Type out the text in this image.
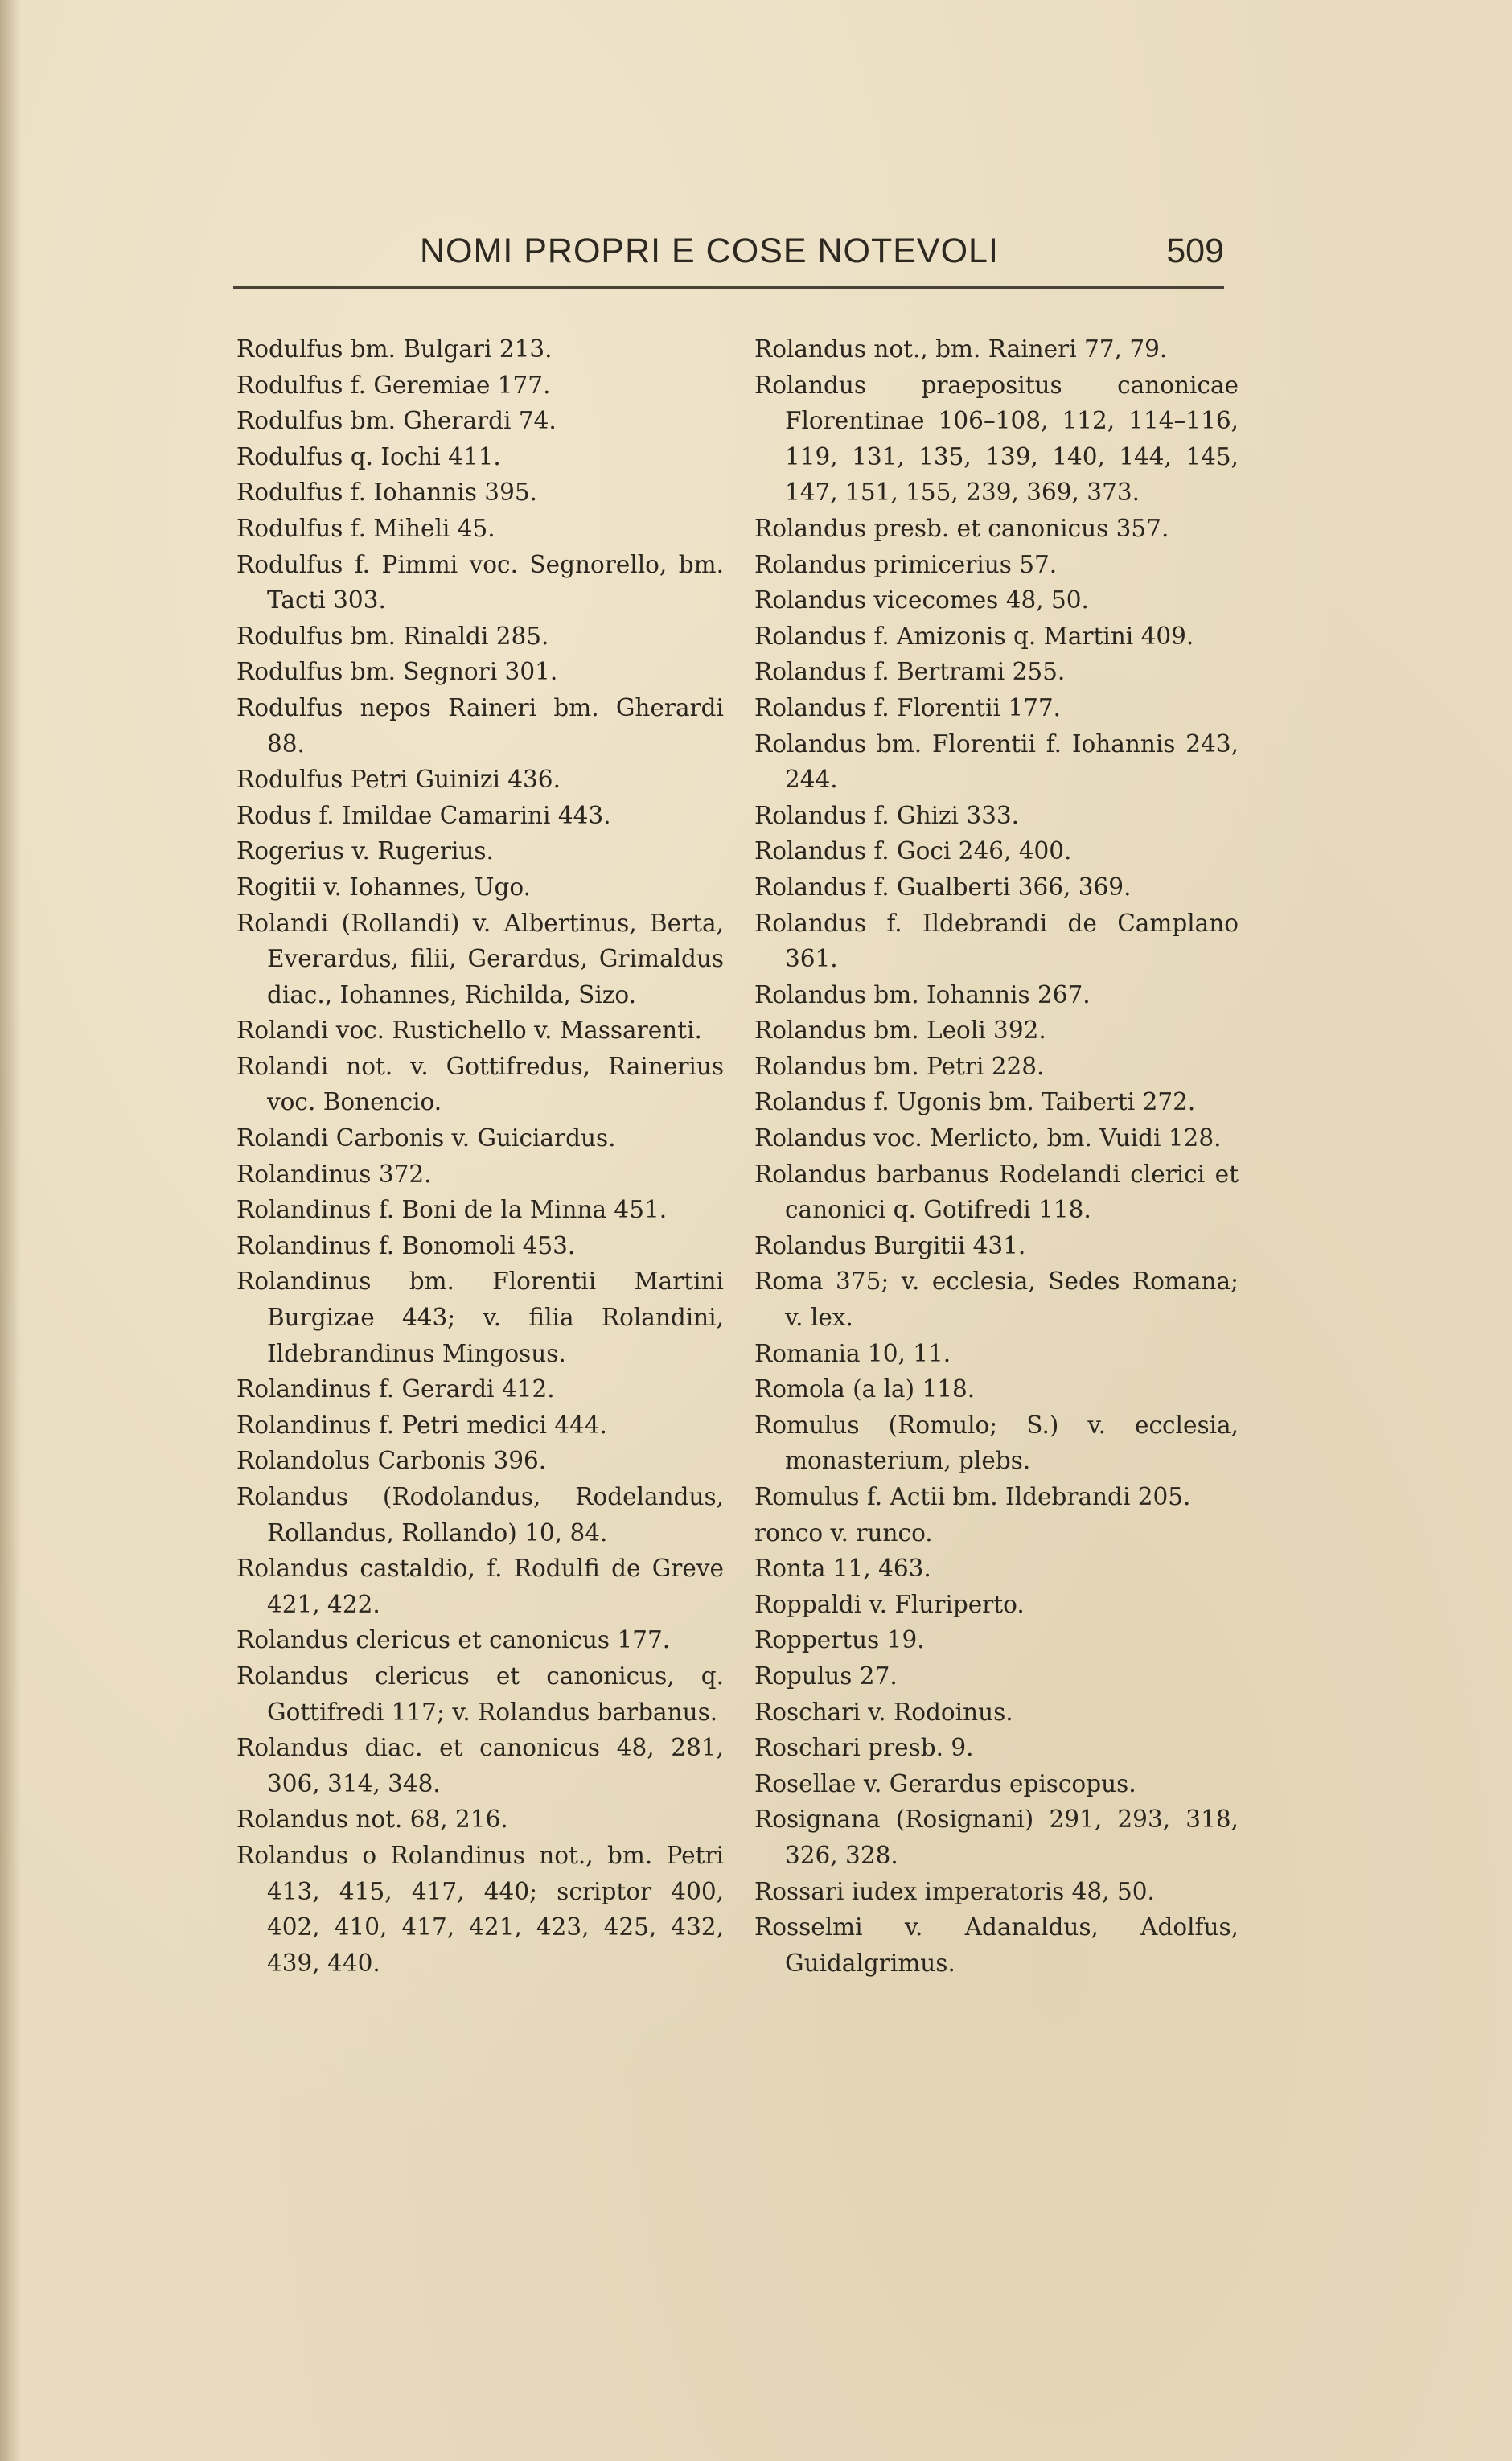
NOMI PROPRI E COSE NOTEVOLI	509

Rodulfus bm. Bulgari 213.

Rodulfus f. Geremiae 177.

Rodulfus bm. Gherardi 74.

Rodulfus q. Iochi 411.

Rodulfus f. Iohannis 395.

Rodulfus f. Miheli 45.

Rodulfus f. Pimmi voc. Segnorello, bm. Tacti 303.

Rodulfus bm. Rinaldi 285.

Rodulfus bm. Segnori 301.

Rodulfus nepos Raineri bm. Gherardi 88.

Rodulfus Petri Guinizi 436.

Rodus f. Imildae Camarini 443.

Rogerius v. Rugerius.

Rogitii v. Iohannes, Ugo.

Rolandi (Rollandi) v. Albertinus, Berta, Everardus, filii, Gerardus, Grimaldus diac., Iohannes, Richilda, Sizo.

Rolandi voc. Rustichello v. Massarenti.

Rolandi not. v. Gottifredus, Rainerius voc. Bonencio.

Rolandi Carbonis v. Guiciardus.

Rolandinus 372.

Rolandinus f. Boni de la Minna 451.

Rolandinus f. Bonomoli 453.

Rolandinus bm. Florentii Martini Burgizae 443; v. filia Rolandini, Ildebrandinus Mingosus.

Rolandinus f. Gerardi 412.

Rolandinus f. Petri medici 444.

Rolandolus Carbonis 396.

Rolandus (Rodolandus, Rodelandus, Rollandus, Rollando) 10, 84.

Rolandus castaldio, f. Rodulfi de Greve 421, 422.

Rolandus clericus et canonicus 177.

Rolandus clericus et canonicus, q. Gottifredi 117; v. Rolandus barbanus.

Rolandus diac. et canonicus 48, 281, 306, 314, 348.

Rolandus not. 68, 216.

Rolandus o Rolandinus not., bm. Petri 413, 415, 417, 440; scriptor 400, 402, 410, 417, 421, 423, 425, 432, 439, 440.

Rolandus not., bm. Raineri 77, 79.

Rolandus praepositus canonicae Florentinae 106–108, 112, 114–116, 119, 131, 135, 139, 140, 144, 145, 147, 151, 155, 239, 369, 373.

Rolandus presb. et canonicus 357.

Rolandus primicerius 57.

Rolandus vicecomes 48, 50.

Rolandus f. Amizonis q. Martini 409.

Rolandus f. Bertrami 255.

Rolandus f. Florentii 177.

Rolandus bm. Florentii f. Iohannis 243, 244.

Rolandus f. Ghizi 333.

Rolandus f. Goci 246, 400.

Rolandus f. Gualberti 366, 369.

Rolandus f. Ildebrandi de Camplano 361.

Rolandus bm. Iohannis 267.

Rolandus bm. Leoli 392.

Rolandus bm. Petri 228.

Rolandus f. Ugonis bm. Taiberti 272.

Rolandus voc. Merlicto, bm. Vuidi 128.

Rolandus barbanus Rodelandi clerici et canonici q. Gotifredi 118.

Rolandus Burgitii 431.

Roma 375; v. ecclesia, Sedes Romana; v. lex.

Romania 10, 11.

Romola (a la) 118.

Romulus (Romulo; S.) v. ecclesia, monasterium, plebs.

Romulus f. Actii bm. Ildebrandi 205.

ronco v. runco.

Ronta 11, 463.

Roppaldi v. Fluriperto.

Roppertus 19.

Ropulus 27.

Roschari v. Rodoinus.

Roschari presb. 9.

Rosellae v. Gerardus episcopus.

Rosignana (Rosignani) 291, 293, 318, 326, 328.

Rossari iudex imperatoris 48, 50.

Rosselmi v. Adanaldus, Adolfus, Guidalgrimus.
